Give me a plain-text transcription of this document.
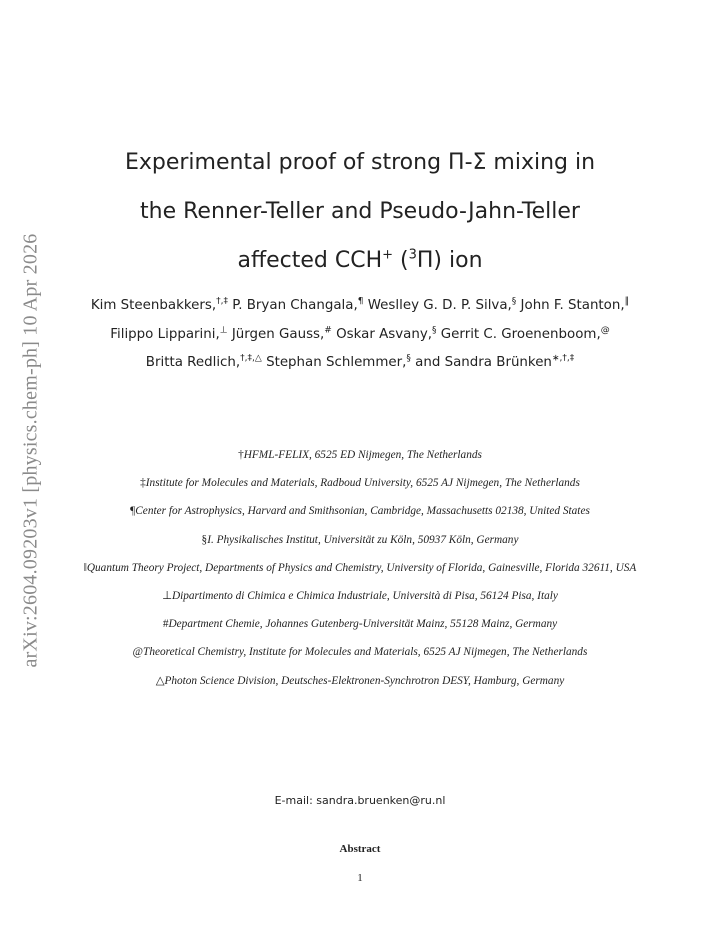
arXiv:2604.09203v1 [physics.chem-ph] 10 Apr 2026
Experimental proof of strong Π-Σ mixing in
the Renner-Teller and Pseudo-Jahn-Teller
affected CCH+ ($^3$Π) ion
Kim Steenbakkers,†,‡ P. Bryan Changala,¶ Weslley G. D. P. Silva,§ John F. Stanton,‖ Filippo Lipparini,⊥ Jürgen Gauss,# Oskar Asvany,§ Gerrit C. Groenenboom,@ Britta Redlich,†,‡,△ Stephan Schlemmer,§ and Sandra Brünken∗,†,‡
†HFML-FELIX, 6525 ED Nijmegen, The Netherlands
‡Institute for Molecules and Materials, Radboud University, 6525 AJ Nijmegen, The Netherlands
¶Center for Astrophysics, Harvard and Smithsonian, Cambridge, Massachusetts 02138, United States
§I. Physikalisches Institut, Universität zu Köln, 50937 Köln, Germany
‖Quantum Theory Project, Departments of Physics and Chemistry, University of Florida, Gainesville, Florida 32611, USA
⊥Dipartimento di Chimica e Chimica Industriale, Università di Pisa, 56124 Pisa, Italy
#Department Chemie, Johannes Gutenberg-Universität Mainz, 55128 Mainz, Germany
@Theoretical Chemistry, Institute for Molecules and Materials, 6525 AJ Nijmegen, The Netherlands
△Photon Science Division, Deutsches-Elektronen-Synchrotron DESY, Hamburg, Germany
E-mail: sandra.bruenken@ru.nl
Abstract
1
